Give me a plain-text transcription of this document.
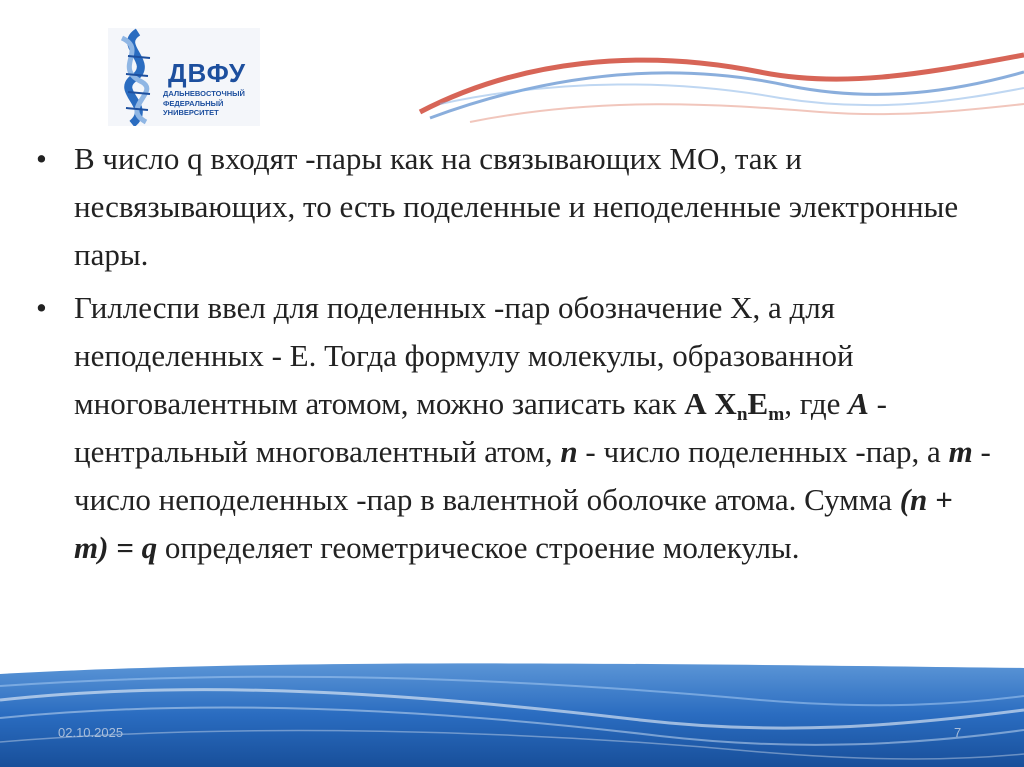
ДВФУ
ДАЛЬНЕВОСТОЧНЫЙ
ФЕДЕРАЛЬНЫЙ
УНИВЕРСИТЕТ

• В число q входят -пары как на связывающих МО, так и несвязывающих, то есть поделенные и неподеленные электронные пары.

• Гиллеспи ввел для поделенных -пар обозначение Х, а для неподеленных - Е. Тогда формулу молекулы, образованной многовалентным атомом, можно записать как А $Х_nЕ_m$, где А - центральный многовалентный атом, n - число поделенных -пар, а m - число неподеленных -пар в валентной оболочке атома. Сумма (n + m) = q определяет геометрическое строение молекулы.

02.10.2025	7
